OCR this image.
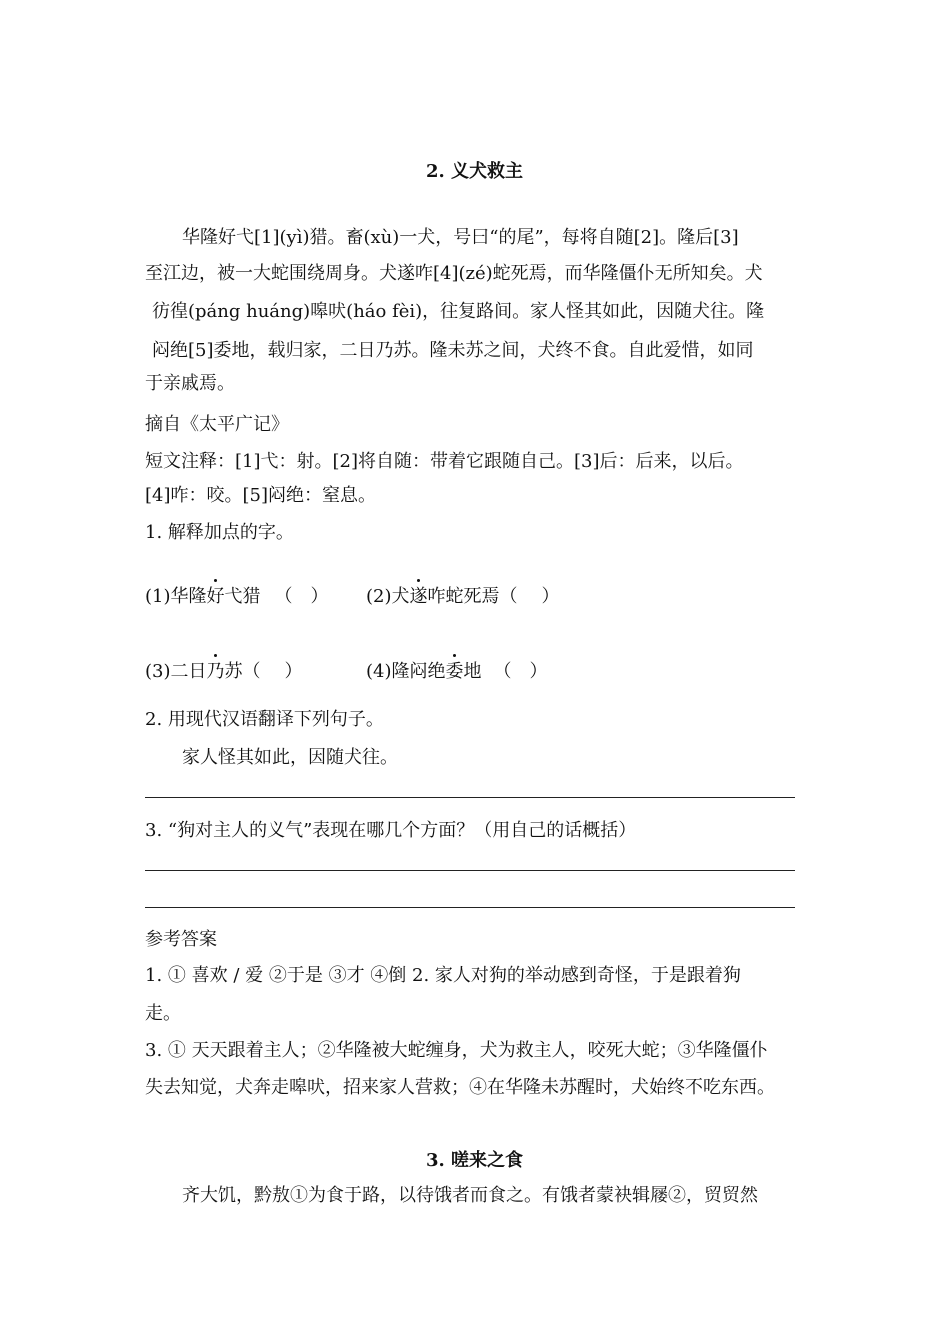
2. 义犬救主
华隆好弋[1](yì)猎。畜(xù)一犬，号曰“的尾”，每将自随[2]。隆后[3]
至江边，被一大蛇围绕周身。犬遂咋[4](zé)蛇死焉，而华隆僵仆无所知矣。犬
彷徨(páng huáng)嗥吠(háo fèi)，往复路间。家人怪其如此，因随犬往。隆
闷绝[5]委地，载归家，二日乃苏。隆未苏之间，犬终不食。自此爱惜，如同
于亲戚焉。
摘自《太平广记》
短文注释：[1]弋：射。[2]将自随：带着它跟随自己。[3]后：后来，以后。
[4]咋：咬。[5]闷绝：窒息。
1. 解释加点的字。
(1)华隆好弋猎 （ ） (2)犬遂咋蛇死焉（ ）
(3)二日乃苏（ ）	(4)隆闷绝委地 （ ）
2. 用现代汉语翻译下列句子。
家人怪其如此，因随犬往。
3. “狗对主人的义气”表现在哪几个方面？（用自己的话概括）
参考答案
1. ① 喜欢 / 爱 ②于是 ③才 ④倒 2. 家人对狗的举动感到奇怪，于是跟着狗
走。
3. ① 天天跟着主人；②华隆被大蛇缠身，犬为救主人，咬死大蛇；③华隆僵仆
失去知觉，犬奔走嗥吠，招来家人营救；④在华隆未苏醒时，犬始终不吃东西。
3. 嗟来之食
齐大饥，黔敖①为食于路，以待饿者而食之。有饿者蒙袂辑屦②，贸贸然
